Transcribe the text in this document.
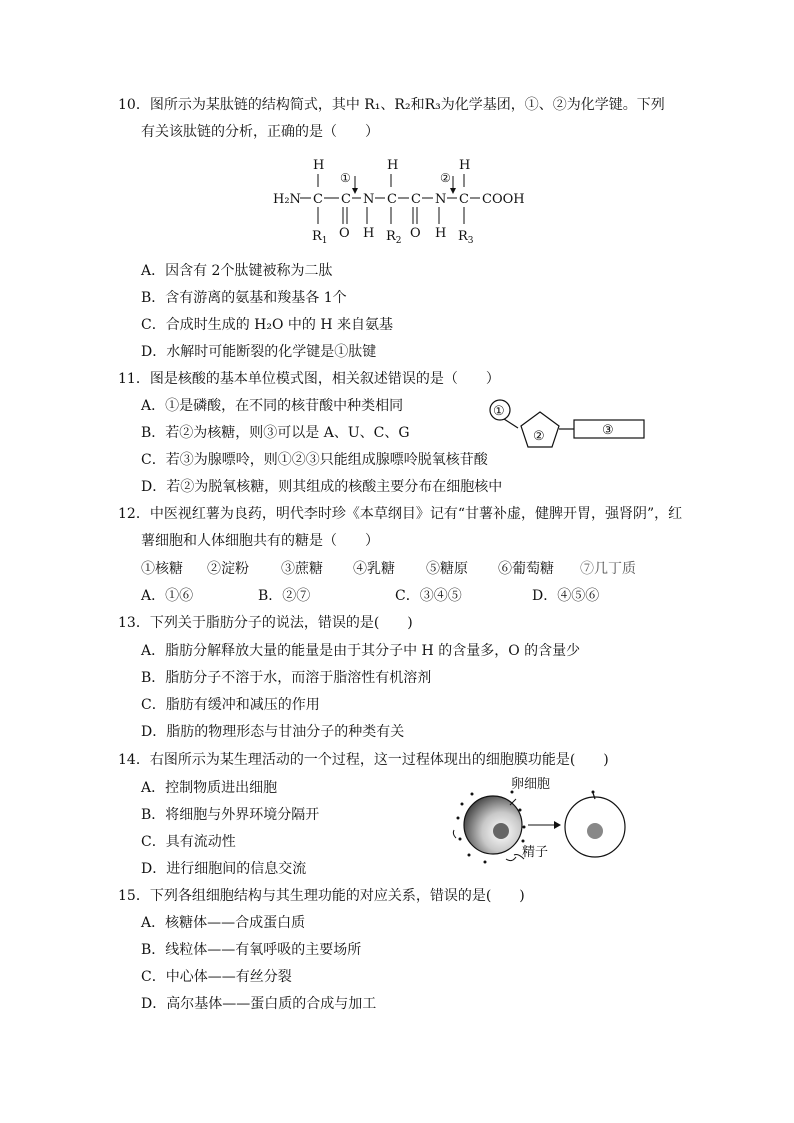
10．图所示为某肽链的结构简式，其中 R₁、R₂和R₃为化学基团，①、②为化学键。下列
有关该肽链的分析，正确的是（　　）
H	H	H
①	②
H₂N C C N C C N C COOH
$R_1$ O H $R_2$ O H $R_3$
A．因含有 2个肽键被称为二肽
B．含有游离的氨基和羧基各 1个
C．合成时生成的 H₂O 中的 H 来自氨基
D．水解时可能断裂的化学键是①肽键
11．图是核酸的基本单位模式图，相关叙述错误的是（　　）
A．①是磷酸，在不同的核苷酸中种类相同
B．若②为核糖，则③可以是 A、U、C、G
C．若③为腺嘌呤，则①②③只能组成腺嘌呤脱氧核苷酸
D．若②为脱氧核糖，则其组成的核酸主要分布在细胞核中
①
②	③
12．中医视红薯为良药，明代李时珍《本草纲目》记有“甘薯补虚，健脾开胃，强肾阴”，红
薯细胞和人体细胞共有的糖是（　　）
①核糖 ②淀粉 ③蔗糖 ④乳糖 ⑤糖原 ⑥葡萄糖 ⑦几丁质
A．①⑥	B．②⑦	C．③④⑤	D．④⑤⑥
13．下列关于脂肪分子的说法，错误的是(　　)
A．脂肪分解释放大量的能量是由于其分子中 H 的含量多，O 的含量少
B．脂肪分子不溶于水，而溶于脂溶性有机溶剂
C．脂肪有缓冲和减压的作用
D．脂肪的物理形态与甘油分子的种类有关
14．右图所示为某生理活动的一个过程，这一过程体现出的细胞膜功能是(　　)
A．控制物质进出细胞
B．将细胞与外界环境分隔开
C．具有流动性
D．进行细胞间的信息交流
卵细胞
精子
15．下列各组细胞结构与其生理功能的对应关系，错误的是(　　)
A．核糖体——合成蛋白质
B．线粒体——有氧呼吸的主要场所
C．中心体——有丝分裂
D．高尔基体——蛋白质的合成与加工
